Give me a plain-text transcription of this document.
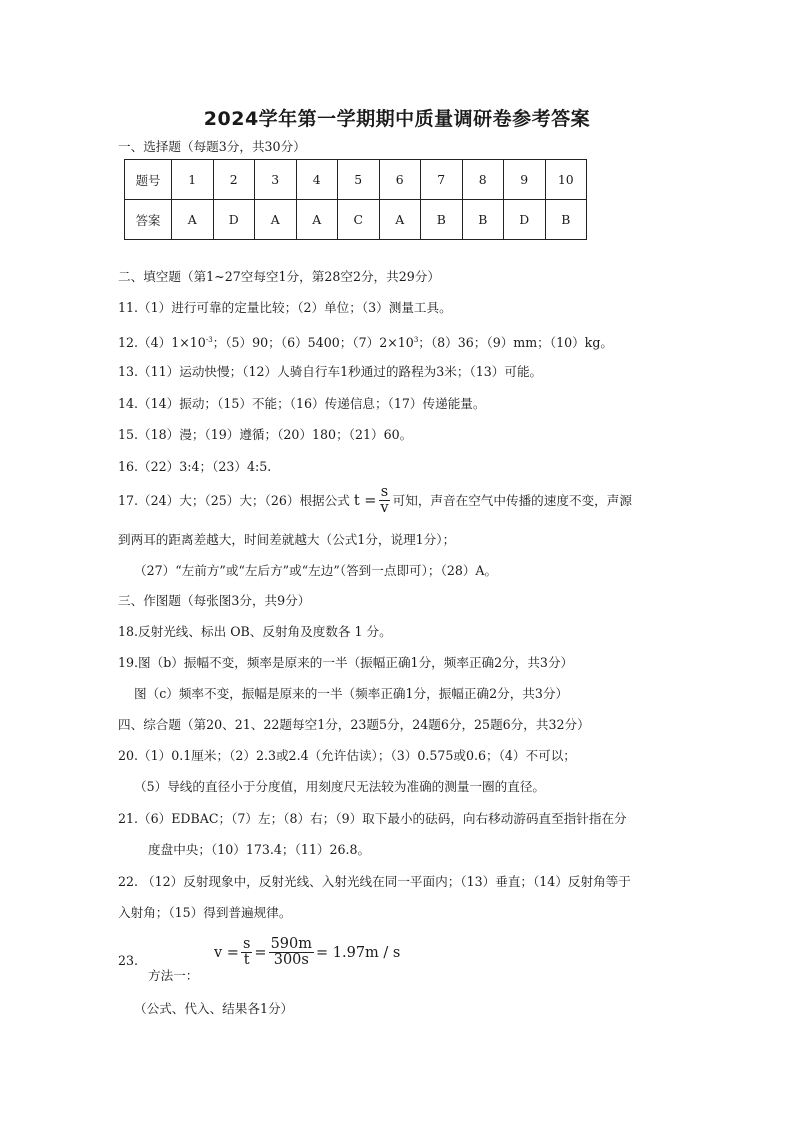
2024学年第一学期期中质量调研卷参考答案
一、选择题（每题3分，共30分）
题号	1	2	3	4	5	6	7	8	9	10
答案	A	D	A	A	C	A	B	B	D	B
二、填空题（第1~27空每空1分，第28空2分，共29分）
11.（1）进行可靠的定量比较；（2）单位；（3）测量工具。
$12.(4)1\times 10^{-3}$；（5）90；（6）5400；$(7)2\times 10^3$；（8）36；（9）mm；（10）kg。
13.（11）运动快慢；（12）人骑自行车1秒通过的路程为3米；（13）可能。
14.（14）振动；（15）不能；（16）传递信息；（17）传递能量。
15.（18）漫；（19）遵循；（20）180；（21）60。
16.（22）3:4；（23）4:5.
17.（24）大；（25）大；（26）根据公式 $t = \frac{s}{v}$ 可知，声音在空气中传播的速度不变，声源
到两耳的距离差越大，时间差就越大（公式1分，说理1分）；
（27）“左前方”或“左后方”或“左边”（答到一点即可）；（28）A。
三、作图题（每张图3分，共9分）
18.反射光线、标出 OB、反射角及度数各 1 分。
19.图（b）振幅不变，频率是原来的一半（振幅正确1分，频率正确2分，共3分）
图（c）频率不变，振幅是原来的一半（频率正确1分，振幅正确2分，共3分）
四、综合题（第20、21、22题每空1分，23题5分，24题6分，25题6分，共32分）
20.（1）0.1厘米；（2）2.3或2.4（允许估读）；（3）0.575或0.6；（4）不可以；
（5）导线的直径小于分度值，用刻度尺无法较为准确的测量一圈的直径。
21.（6）EDBAC；（7）左；（8）右；（9）取下最小的砝码，向右移动游码直至指针指在分
度盘中央；（10）173.4；（11）26.8。
22. （12）反射现象中，反射光线、入射光线在同一平面内；（13）垂直；（14）反射角等于
入射角；（15）得到普遍规律。
23.
方法一：
$v = \frac{s}{t} = \frac{590m}{300s} = 1.97m / s$
（公式、代入、结果各1分）
